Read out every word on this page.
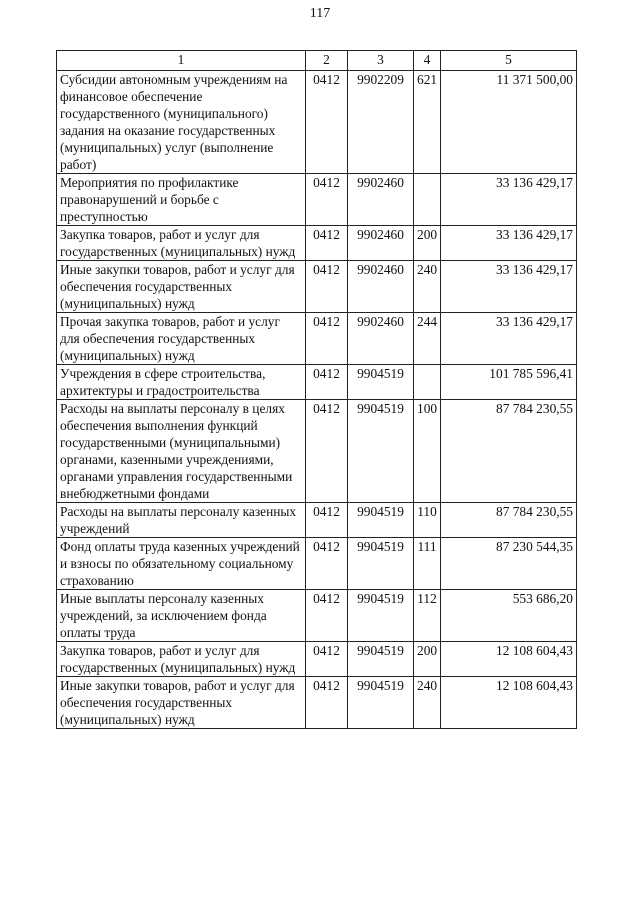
117
1	2	3	4	5
Субсидии автономным учреждениям на финансовое обеспечение государственного (муниципального) задания на оказание государственных (муниципальных) услуг (выполнение работ)	0412	9902209	621	11 371 500,00
Мероприятия по профилактике правонарушений и борьбе с преступностью	0412	9902460		33 136 429,17
Закупка товаров, работ и услуг для государственных (муниципальных) нужд	0412	9902460	200	33 136 429,17
Иные закупки товаров, работ и услуг для обеспечения государственных (муниципальных) нужд	0412	9902460	240	33 136 429,17
Прочая закупка товаров, работ и услуг для обеспечения государственных (муниципальных) нужд	0412	9902460	244	33 136 429,17
Учреждения в сфере строительства, архитектуры и градостроительства	0412	9904519		101 785 596,41
Расходы на выплаты персоналу в целях обеспечения выполнения функций государственными (муниципальными) органами, казенными учреждениями, органами управления государственными внебюджетными фондами	0412	9904519	100	87 784 230,55
Расходы на выплаты персоналу казенных учреждений	0412	9904519	110	87 784 230,55
Фонд оплаты труда казенных учреждений и взносы по обязательному социальному страхованию	0412	9904519	111	87 230 544,35
Иные выплаты персоналу казенных учреждений, за исключением фонда оплаты труда	0412	9904519	112	553 686,20
Закупка товаров, работ и услуг для государственных (муниципальных) нужд	0412	9904519	200	12 108 604,43
Иные закупки товаров, работ и услуг для обеспечения государственных (муниципальных) нужд	0412	9904519	240	12 108 604,43
